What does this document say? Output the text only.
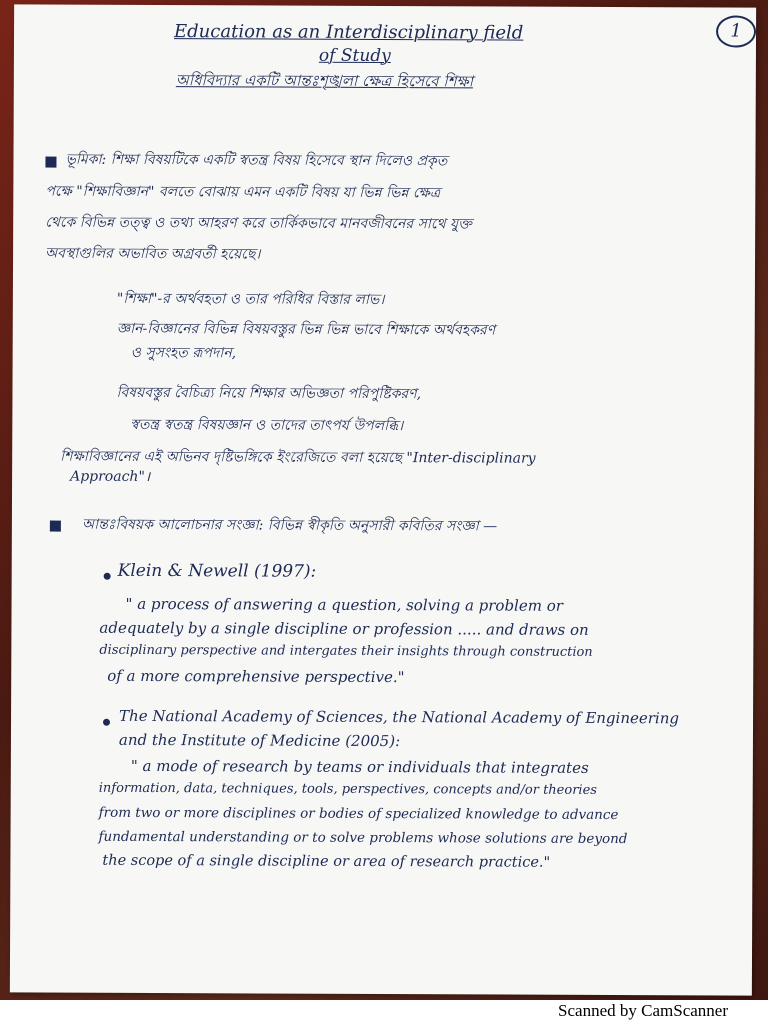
1
Education as an Interdisciplinary field
of Study
অধিবিদ্যার একটি আন্তঃশৃঙ্খলা ক্ষেত্র হিসেবে শিক্ষা
ভূমিকা: শিক্ষা বিষয়টিকে একটি স্বতন্ত্র বিষয় হিসেবে স্থান দিলেও প্রকৃত
পক্ষে "শিক্ষাবিজ্ঞান" বলতে বোঝায় এমন একটি বিষয় যা ভিন্ন ভিন্ন ক্ষেত্র
থেকে বিভিন্ন তত্ত্ব ও তথ্য আহরণ করে তার্কিকভাবে মানবজীবনের সাথে যুক্ত
অবস্থাগুলির অভাবিত অগ্রবর্তী হয়েছে।
"শিক্ষা"-র অর্থবহতা ও তার পরিধির বিস্তার লাভ।
জ্ঞান-বিজ্ঞানের বিভিন্ন বিষয়বস্তুর ভিন্ন ভিন্ন ভাবে শিক্ষাকে অর্থবহকরণ
ও সুসংহত রূপদান,
বিষয়বস্তুর বৈচিত্র্য নিয়ে শিক্ষার অভিজ্ঞতা পরিপুষ্টিকরণ,
স্বতন্ত্র স্বতন্ত্র বিষয়জ্ঞান ও তাদের তাৎপর্য উপলব্ধি।
শিক্ষাবিজ্ঞানের এই অভিনব দৃষ্টিভঙ্গিকে ইংরেজিতে বলা হয়েছে "Inter-disciplinary
Approach"।
আন্তঃবিষয়ক আলোচনার সংজ্ঞা: বিভিন্ন স্বীকৃতি অনুসারী কবিতির সংজ্ঞা —
Klein & Newell (1997):
" a process of answering a question, solving a problem or
adequately by a single discipline or profession ..... and draws on
disciplinary perspective and intergates their insights through construction
of a more comprehensive perspective."
The National Academy of Sciences, the National Academy of Engineering
and the Institute of Medicine (2005):
" a mode of research by teams or individuals that integrates
information, data, techniques, tools, perspectives, concepts and/or theories
from two or more disciplines or bodies of specialized knowledge to advance
fundamental understanding or to solve problems whose solutions are beyond
the scope of a single discipline or area of research practice."
Scanned by CamScanner
